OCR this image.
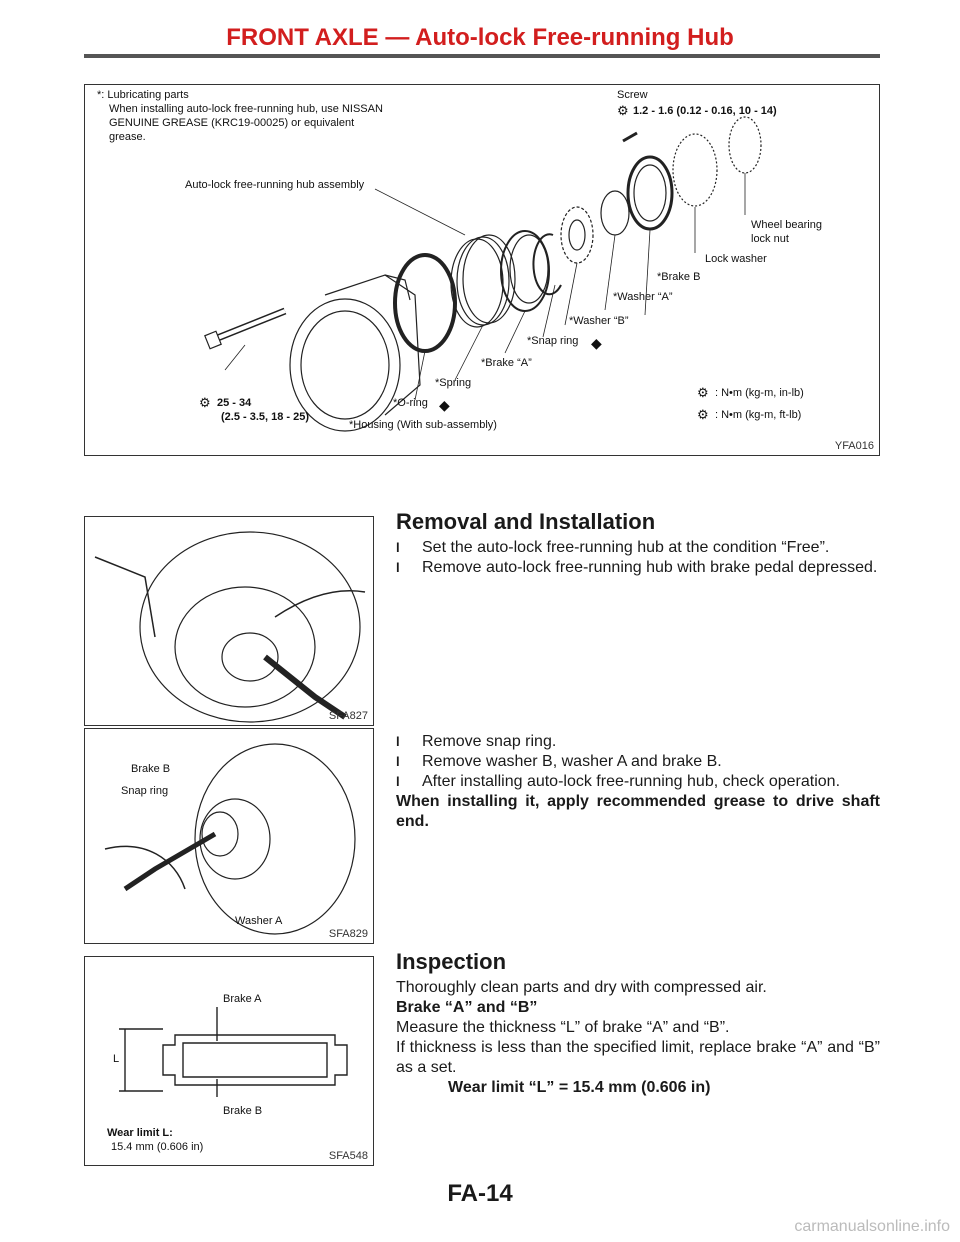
FRONT AXLE — Auto-lock Free-running Hub
*: Lubricating parts
When installing auto-lock free-running hub, use NISSAN
GENUINE GREASE (KRC19-00025) or equivalent
grease.
Screw
⚙ 1.2 - 1.6 (0.12 - 0.16, 10 - 14)
Auto-lock free-running hub assembly
Wheel bearing
lock nut
Lock washer
*Brake B
*Washer “A”
*Washer “B”
*Snap ring ◆
*Brake “A”
*Spring
*O-ring ◆
*Housing (With sub-assembly)
⚙ 25 - 34
(2.5 - 3.5, 18 - 25)
⚙ : N•m (kg-m, in-lb)
⚙ : N•m (kg-m, ft-lb)
YFA016
SFA827
Brake B
Snap ring
Washer A
SFA829
Brake A
Brake B
L
Wear limit L:
15.4 mm (0.606 in)
SFA548
Removal and Installation
l	Set the auto-lock free-running hub at the condition “Free”.
l	Remove auto-lock free-running hub with brake pedal depressed.
l	Remove snap ring.
l	Remove washer B, washer A and brake B.
l	After installing auto-lock free-running hub, check operation.
When installing it, apply recommended grease to drive shaft end.
Inspection
Thoroughly clean parts and dry with compressed air.
Brake “A” and “B”
Measure the thickness “L” of brake “A” and “B”.
If thickness is less than the specified limit, replace brake “A” and “B” as a set.
Wear limit “L” = 15.4 mm (0.606 in)
FA-14
carmanualsonline.info
